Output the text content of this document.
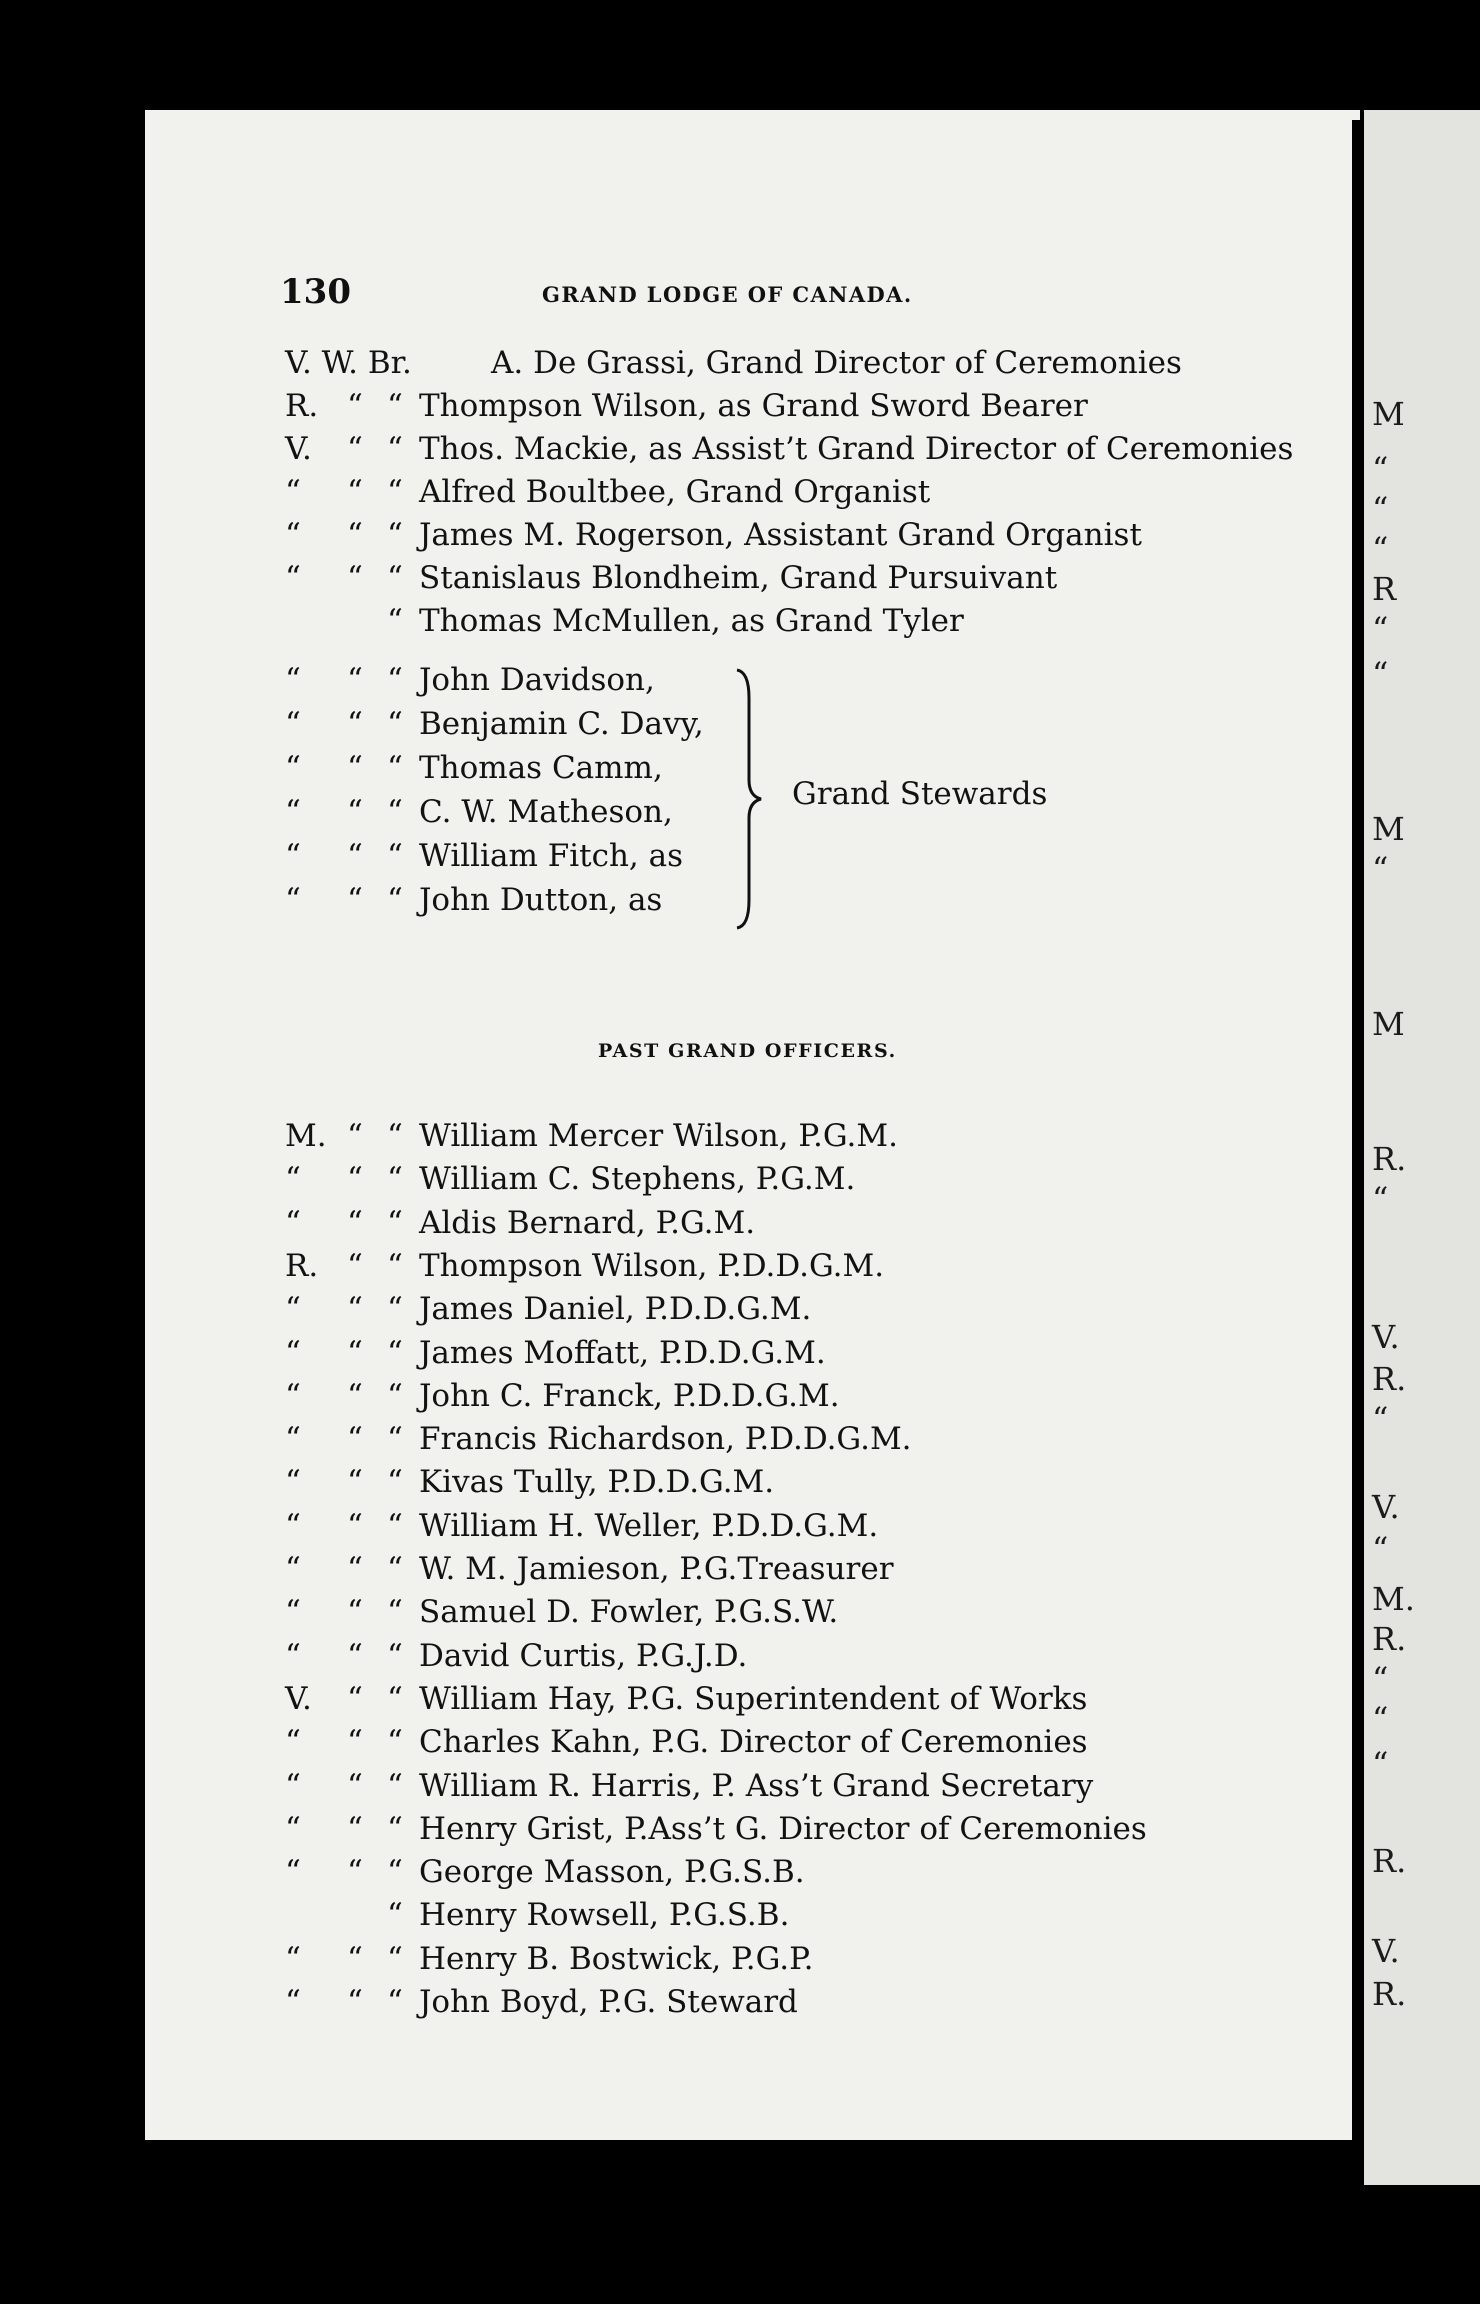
M
“
“
“
R
“
“
M
“
M
R.
“
V.
R.
“
V.
“
M.
R.
“
“
“
R.
V.
R.
130	GRAND LODGE OF CANADA.
V. W. Br.	A. De Grassi, Grand Director of Ceremonies
R. “ “ Thompson Wilson, as Grand Sword Bearer
V. “ “ Thos. Mackie, as Assist’t Grand Director of Ceremonies
“ “ “ Alfred Boultbee, Grand Organist
“ “ “ James M. Rogerson, Assistant Grand Organist
“ “ “ Stanislaus Blondheim, Grand Pursuivant
“ Thomas McMullen, as Grand Tyler
“ “ “ John Davidson,
“ “ “ Benjamin C. Davy,
“ “ “ Thomas Camm,
“ “ “ C. W. Matheson,
“ “ “ William Fitch, as
“ “ “ John Dutton, as
Grand Stewards
PAST GRAND OFFICERS.
M. “ “ William Mercer Wilson, P.G.M.
“ “ “ William C. Stephens, P.G.M.
“ “ “ Aldis Bernard, P.G.M.
R. “ “ Thompson Wilson, P.D.D.G.M.
“ “ “ James Daniel, P.D.D.G.M.
“ “ “ James Moffatt, P.D.D.G.M.
“ “ “ John C. Franck, P.D.D.G.M.
“ “ “ Francis Richardson, P.D.D.G.M.
“ “ “ Kivas Tully, P.D.D.G.M.
“ “ “ William H. Weller, P.D.D.G.M.
“ “ “ W. M. Jamieson, P.G.Treasurer
“ “ “ Samuel D. Fowler, P.G.S.W.
“ “ “ David Curtis, P.G.J.D.
V. “ “ William Hay, P.G. Superintendent of Works
“ “ “ Charles Kahn, P.G. Director of Ceremonies
“ “ “ William R. Harris, P. Ass’t Grand Secretary
“ “ “ Henry Grist, P.Ass’t G. Director of Ceremonies
“ “ “ George Masson, P.G.S.B.
“ Henry Rowsell, P.G.S.B.
“ “ “ Henry B. Bostwick, P.G.P.
“ “ “ John Boyd, P.G. Steward
